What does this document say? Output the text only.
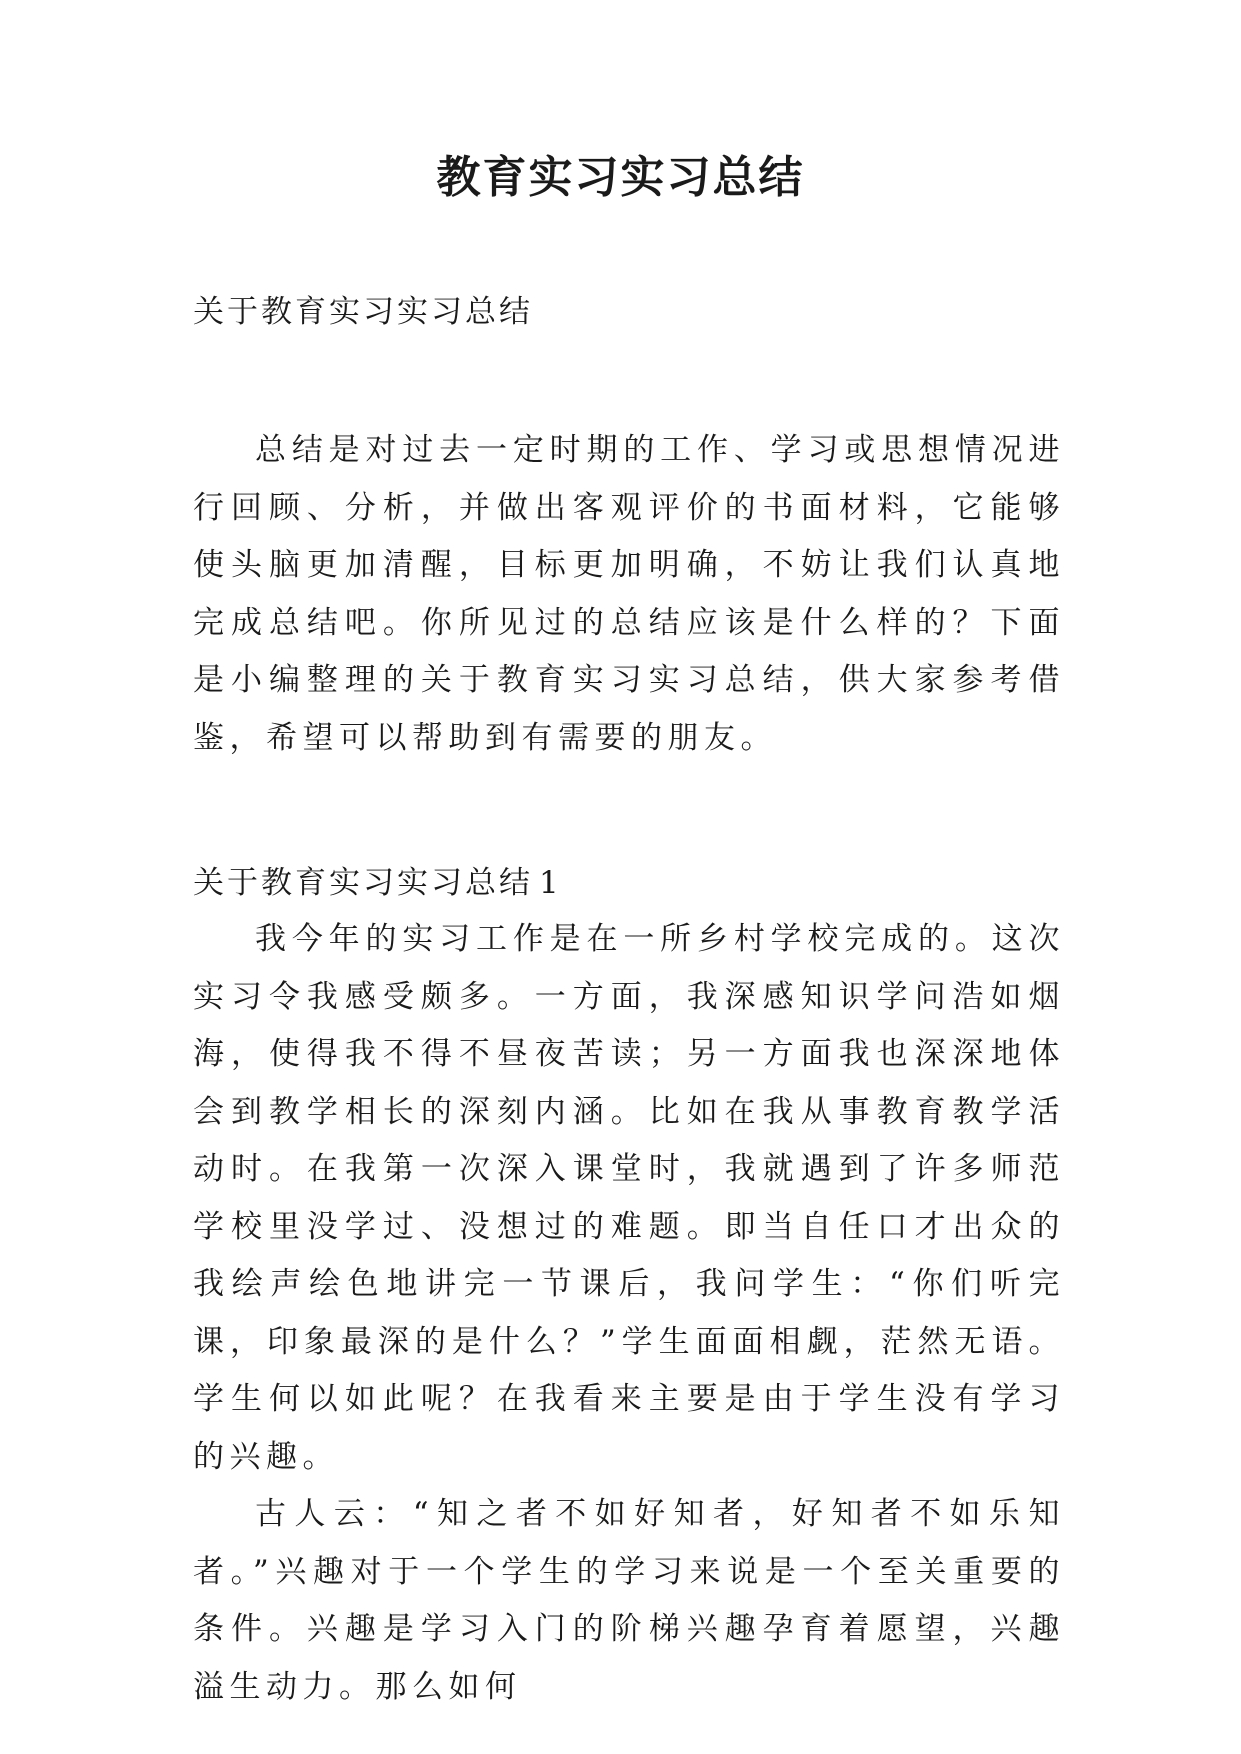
教育实习实习总结

关于教育实习实习总结

总结是对过去一定时期的工作、学习或思想情况进行回顾、分析，并做出客观评价的书面材料，它能够使头脑更加清醒，目标更加明确，不妨让我们认真地完成总结吧。你所见过的总结应该是什么样的？下面是小编整理的关于教育实习实习总结，供大家参考借鉴，希望可以帮助到有需要的朋友。

关于教育实习实习总结 1

我今年的实习工作是在一所乡村学校完成的。这次实习令我感受颇多。一方面，我深感知识学问浩如烟海，使得我不得不昼夜苦读；另一方面我也深深地体会到教学相长的深刻内涵。比如在我从事教育教学活动时。在我第一次深入课堂时，我就遇到了许多师范学校里没学过、没想过的难题。即当自任口才出众的我绘声绘色地讲完一节课后，我问学生：“你们听完课，印象最深的是什么？”学生面面相觑，茫然无语。学生何以如此呢？在我看来主要是由于学生没有学习的兴趣。

古人云：“知之者不如好知者，好知者不如乐知者。”兴趣对于一个学生的学习来说是一个至关重要的条件。兴趣是学习入门的阶梯兴趣孕育着愿望，兴趣溢生动力。那么如何
